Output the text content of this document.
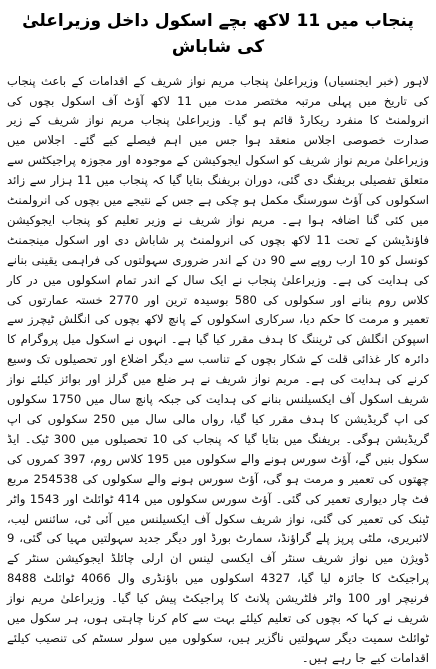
پنجاب میں 11 لاکھ بچے اسکول داخل وزیراعلیٰ کی شاباش

لاہور (خبر ایجنسیاں) وزیراعلیٰ پنجاب مریم نواز شریف کے اقدامات کے باعث پنجاب کی تاریخ میں پہلی مرتبہ مختصر مدت میں 11 لاکھ آؤٹ آف اسکول بچوں کی انرولمنٹ کا منفرد ریکارڈ قائم ہو گیا۔ وزیراعلیٰ پنجاب مریم نواز شریف کے زیر صدارت خصوصی اجلاس منعقد ہوا جس میں اہم فیصلے کیے گئے۔ اجلاس میں وزیراعلیٰ مریم نواز شریف کو اسکول ایجوکیشن کے موجودہ اور مجوزہ پراجیکٹس سے متعلق تفصیلی بریفنگ دی گئی، دوران بریفنگ بتایا گیا کہ پنجاب میں 11 ہزار سے زائد اسکولوں کی آؤٹ سورسنگ مکمل ہو چکی ہے جس کے نتیجے میں بچوں کی انرولمنٹ میں کئی گنا اضافہ ہوا ہے۔ مریم نواز شریف نے وزیر تعلیم کو پنجاب ایجوکیشن فاؤنڈیشن کے تحت 11 لاکھ بچوں کی انرولمنٹ پر شاباش دی اور اسکول مینجمنٹ کونسل کو 10 ارب روپے سے 90 دن کے اندر ضروری سہولتوں کی فراہمی یقینی بنانے کی ہدایت کی ہے۔ وزیراعلیٰ پنجاب نے ایک سال کے اندر تمام اسکولوں میں در کار کلاس روم بنانے اور سکولوں کی 580 بوسیدہ ترین اور 2770 خستہ عمارتوں کی تعمیر و مرمت کا حکم دیا، سرکاری اسکولوں کے پانچ لاکھ بچوں کی انگلش ٹیچرز سے اسپوکن انگلش کی ٹریننگ کا ہدف مقرر کیا گیا ہے۔ انہوں نے اسکول میل پروگرام کا دائرہ کار غذائی قلت کے شکار بچوں کے تناسب سے دیگر اضلاع اور تحصیلوں تک وسیع کرنے کی ہدایت کی ہے۔ مریم نواز شریف نے ہر ضلع میں گرلز اور بوائز کیلئے نواز شریف اسکول آف ایکسیلنس بنانے کی ہدایت کی جبکہ پانچ سال میں 1750 سکولوں کی اپ گریڈیشن کا ہدف مقرر کیا گیا، رواں مالی سال میں 250 سکولوں کی اپ گریڈیشن ہوگی۔ بریفنگ میں بتایا گیا کہ پنجاب کی 10 تحصیلوں میں 300 ٹیک۔ ایڈ سکول بنیں گے، آؤٹ سورس ہونے والے سکولوں میں 195 کلاس روم، 397 کمروں کی چھتوں کی تعمیر و مرمت ہو گی، آؤٹ سورس ہونے والے سکولوں کی 254538 مربع فٹ چار دیواری تعمیر کی گئی۔ آؤٹ سورس سکولوں میں 414 ٹوائلٹ اور 1543 واٹر ٹینک کی تعمیر کی گئی، نواز شریف سکول آف ایکسیلنس میں آئی ٹی، سائنس لیب، لائبریری، ملٹی پرپز پلے گراؤنڈ، سمارٹ بورڈ اور دیگر جدید سہولتیں مہیا کی گئی، 9 ڈویژن میں نواز شریف سنٹر آف ایکسی لینس ان ارلی چائلڈ ایجوکیشن سنٹر کے پراجیکٹ کا جائزہ لیا گیا، 4327 اسکولوں میں باؤنڈری وال 4066 ٹوائلٹ 8488 فرنیچر اور 100 واٹر فلٹریشن پلانٹ کا پراجیکٹ پیش کیا گیا۔ وزیراعلیٰ مریم نواز شریف نے کہا کہ بچوں کی تعلیم کیلئے بہت سے کام کرنا چاہتی ہوں، ہر سکول میں ٹوائلٹ سمیت دیگر سہولتیں ناگزیر ہیں، سکولوں میں سولر سسٹم کی تنصیب کیلئے اقدامات کیے جا رہے ہیں۔
